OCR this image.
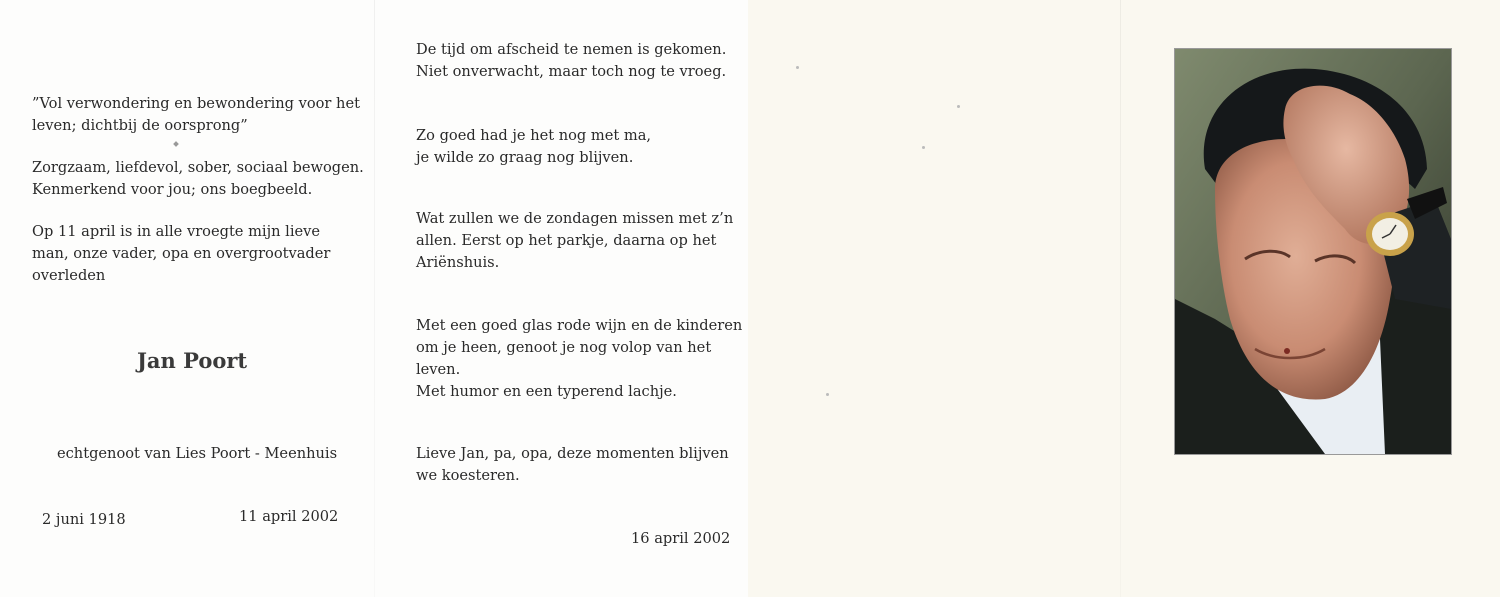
”Vol verwondering en bewondering voor het
leven; dichtbij de oorsprong”
Zorgzaam, liefdevol, sober, sociaal bewogen.
Kenmerkend voor jou; ons boegbeeld.
Op 11 april is in alle vroegte mijn lieve
man, onze vader, opa en overgrootvader
overleden
Jan Poort
echtgenoot van Lies Poort - Meenhuis
2 juni 1918	11 april 2002
De tijd om afscheid te nemen is gekomen.
Niet onverwacht, maar toch nog te vroeg.
Zo goed had je het nog met ma,
je wilde zo graag nog blijven.
Wat zullen we de zondagen missen met z’n
allen. Eerst op het parkje, daarna op het
Ariënshuis.
Met een goed glas rode wijn en de kinderen
om je heen, genoot je nog volop van het
leven.
Met humor en een typerend lachje.
Lieve Jan, pa, opa, deze momenten blijven
we koesteren.
16 april 2002
